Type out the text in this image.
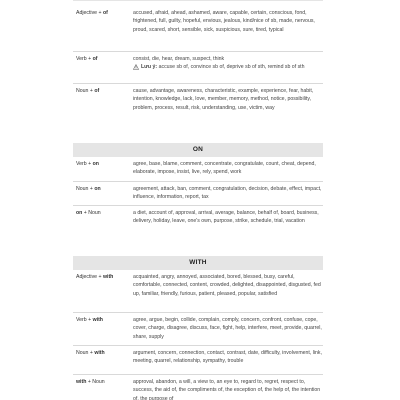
Adjective + of	accused, afraid, ahead, ashamed, aware, capable, certain, conscious, fond, frightened, full, guilty, hopeful, envious, jealous, kind/nice of sb, made, nervous, proud, scared, short, sensible, sick, suspicious, sure, tired, typical
Verb + of	consist, die, hear, dream, suspect, think
Lưu ý: accuse sb of, convince sb of, deprive sb of sth, remind sb of sth
Noun + of	cause, advantage, awareness, characteristic, example, experience, fear, habit, intention, knowledge, lack, love, member, memory, method, notice, possibility, problem, process, result, risk, understanding, use, victim, way
ON
Verb + on	agree, base, blame, comment, concentrate, congratulate, count, cheat, depend, elaborate, impose, insist, live, rely, spend, work
Noun + on	agreement, attack, ban, comment, congratulation, decision, debate, effect, impact, influence, information, report, tax
on + Noun	a diet, account of, approval, arrival, average, balance, behalf of, board, business, delivery, holiday, leave, one's own, purpose, strike, schedule, trial, vacation
WITH
Adjective + with	acquainted, angry, annoyed, associated, bored, blessed, busy, careful, comfortable, connected, content, crowded, delighted, disappointed, disgusted, fed up, familiar, friendly, furious, patient, pleased, popular, satisfied
Verb + with	agree, argue, begin, collide, complain, comply, concern, confront, confuse, cope, cover, charge, disagree, discuss, face, fight, help, interfere, meet, provide, quarrel, share, supply
Noun + with	argument, concern, connection, contact, contrast, date, difficulty, involvement, link, meeting, quarrel, relationship, sympathy, trouble
with + Noun	approval, abandon, a will, a view to, an eye to, regard to, regret, respect to, success, the aid of, the compliments of, the exception of, the help of, the intention of, the purpose of
